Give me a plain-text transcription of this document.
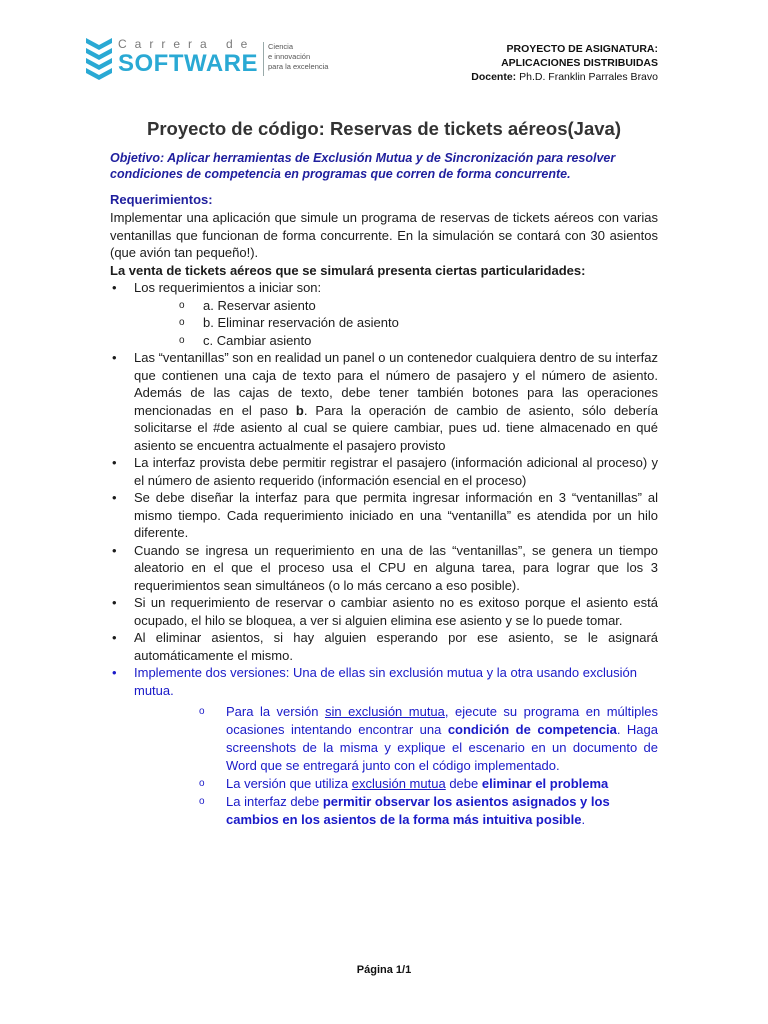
Carrera de
SOFTWARE
Ciencia
e innovación
para la excelencia
PROYECTO DE ASIGNATURA:
APLICACIONES DISTRIBUIDAS
Docente: Ph.D. Franklin Parrales Bravo
Proyecto de código: Reservas de tickets aéreos(Java)
Objetivo: Aplicar herramientas de Exclusión Mutua y de Sincronización para resolver condiciones de competencia en programas que corren de forma concurrente.
Requerimientos:

Implementar una aplicación que simule un programa de reservas de tickets aéreos con varias ventanillas que funcionan de forma concurrente. En la simulación se contará con 30 asientos (que avión tan pequeño!).

La venta de tickets aéreos que se simulará presenta ciertas particularidades:

• Los requerimientos a iniciar son:
o a. Reservar asiento
o b. Eliminar reservación de asiento
o c. Cambiar asiento
• Las “ventanillas” son en realidad un panel o un contenedor cualquiera dentro de su interfaz que contienen una caja de texto para el número de pasajero y el número de asiento. Además de las cajas de texto, debe tener también botones para las operaciones mencionadas en el paso b. Para la operación de cambio de asiento, sólo debería solicitarse el #de asiento al cual se quiere cambiar, pues ud. tiene almacenado en qué asiento se encuentra actualmente el pasajero provisto
• La interfaz provista debe permitir registrar el pasajero (información adicional al proceso) y el número de asiento requerido (información esencial en el proceso)
• Se debe diseñar la interfaz para que permita ingresar información en 3 “ventanillas” al mismo tiempo. Cada requerimiento iniciado en una “ventanilla” es atendida por un hilo diferente.
• Cuando se ingresa un requerimiento en una de las “ventanillas”, se genera un tiempo aleatorio en el que el proceso usa el CPU en alguna tarea, para lograr que los 3 requerimientos sean simultáneos (o lo más cercano a eso posible).
• Si un requerimiento de reservar o cambiar asiento no es exitoso porque el asiento está ocupado, el hilo se bloquea, a ver si alguien elimina ese asiento y se lo puede tomar.
• Al eliminar asientos, si hay alguien esperando por ese asiento, se le asignará automáticamente el mismo.
• Implemente dos versiones: Una de ellas sin exclusión mutua y la otra usando exclusión mutua.
o Para la versión sin exclusión mutua, ejecute su programa en múltiples ocasiones intentando encontrar una condición de competencia. Haga screenshots de la misma y explique el escenario en un documento de Word que se entregará junto con el código implementado.
o La versión que utiliza exclusión mutua debe eliminar el problema
o La interfaz debe permitir observar los asientos asignados y los cambios en los asientos de la forma más intuitiva posible.
Página 1/1
